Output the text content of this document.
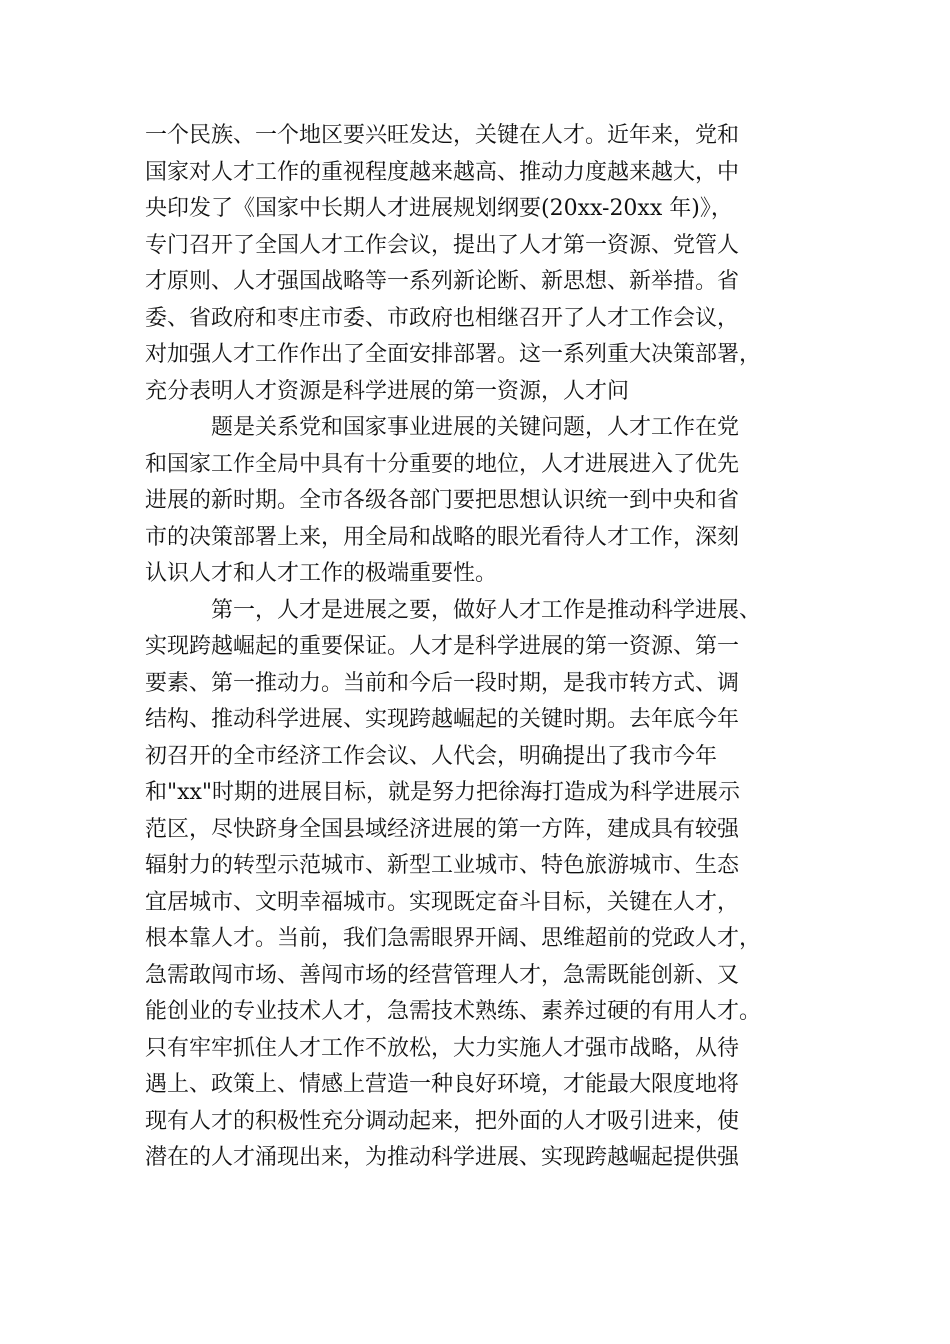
一个民族、一个地区要兴旺发达，关键在人才。近年来，党和
国家对人才工作的重视程度越来越高、推动力度越来越大，中
央印发了《国家中长期人才进展规划纲要(20xx-20xx 年)》，
专门召开了全国人才工作会议，提出了人才第一资源、党管人
才原则、人才强国战略等一系列新论断、新思想、新举措。省
委、省政府和枣庄市委、市政府也相继召开了人才工作会议，
对加强人才工作作出了全面安排部署。这一系列重大决策部署，
充分表明人才资源是科学进展的第一资源，人才问
题是关系党和国家事业进展的关键问题，人才工作在党
和国家工作全局中具有十分重要的地位，人才进展进入了优先
进展的新时期。全市各级各部门要把思想认识统一到中央和省
市的决策部署上来，用全局和战略的眼光看待人才工作，深刻
认识人才和人才工作的极端重要性。
第一，人才是进展之要，做好人才工作是推动科学进展、
实现跨越崛起的重要保证。人才是科学进展的第一资源、第一
要素、第一推动力。当前和今后一段时期，是我市转方式、调
结构、推动科学进展、实现跨越崛起的关键时期。去年底今年
初召开的全市经济工作会议、人代会，明确提出了我市今年
和"xx"时期的进展目标，就是努力把徐海打造成为科学进展示
范区，尽快跻身全国县域经济进展的第一方阵，建成具有较强
辐射力的转型示范城市、新型工业城市、特色旅游城市、生态
宜居城市、文明幸福城市。实现既定奋斗目标，关键在人才，
根本靠人才。当前，我们急需眼界开阔、思维超前的党政人才，
急需敢闯市场、善闯市场的经营管理人才，急需既能创新、又
能创业的专业技术人才，急需技术熟练、素养过硬的有用人才。
只有牢牢抓住人才工作不放松，大力实施人才强市战略，从待
遇上、政策上、情感上营造一种良好环境，才能最大限度地将
现有人才的积极性充分调动起来，把外面的人才吸引进来，使
潜在的人才涌现出来，为推动科学进展、实现跨越崛起提供强
